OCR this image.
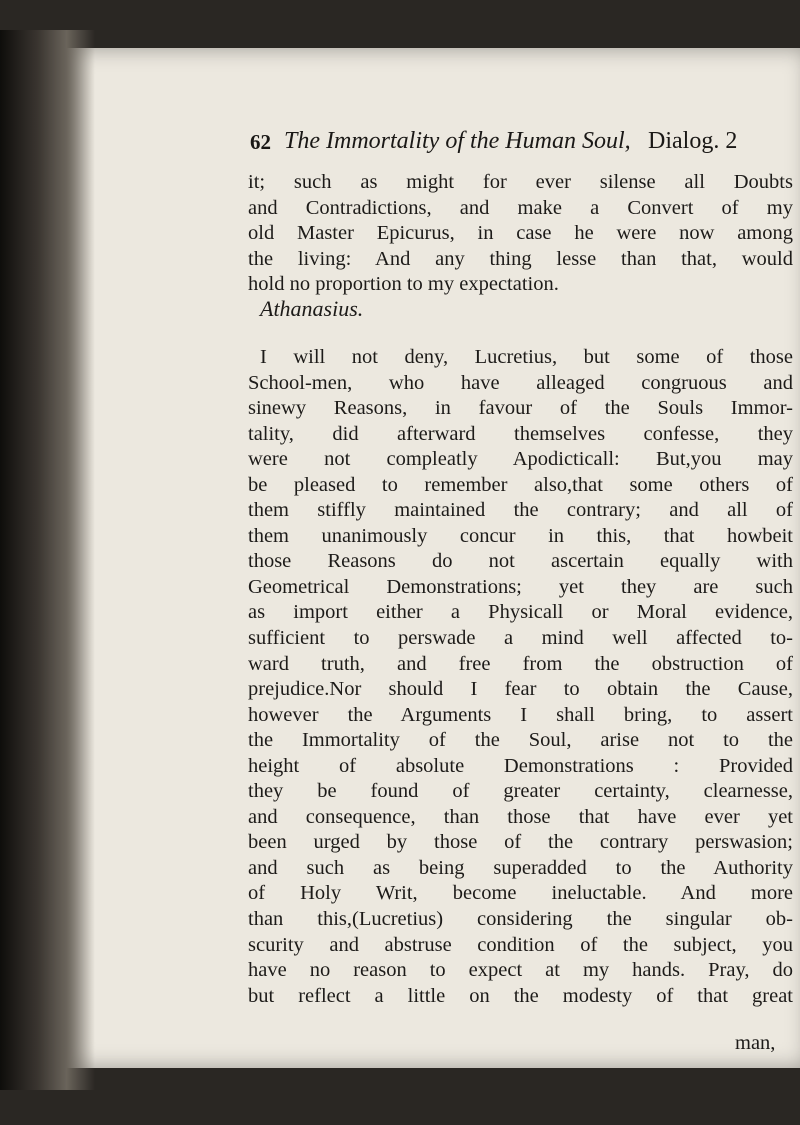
62 The Immortality of the Human Soul, Dialog. 2
it; such as might for ever silense all Doubts
and Contradictions, and make a Convert of my
old Master Epicurus, in case he were now among
the living: And any thing lesse than that, would
hold no proportion to my expectation.
Athanasius.
I will not deny, Lucretius, but some of those
School-men, who have alleaged congruous and
sinewy Reasons, in favour of the Souls Immor-
tality, did afterward themselves confesse, they
were not compleatly Apodicticall: But,you may
be pleased to remember also,that some others of
them stiffly maintained the contrary; and all of
them unanimously concur in this, that howbeit
those Reasons do not ascertain equally with
Geometrical Demonstrations; yet they are such
as import either a Physicall or Moral evidence,
sufficient to perswade a mind well affected to-
ward truth, and free from the obstruction of
prejudice.Nor should I fear to obtain the Cause,
however the Arguments I shall bring, to assert
the Immortality of the Soul, arise not to the
height of absolute Demonstrations : Provided
they be found of greater certainty, clearnesse,
and consequence, than those that have ever yet
been urged by those of the contrary perswasion;
and such as being superadded to the Authority
of Holy Writ, become ineluctable. And more
than this,(Lucretius) considering the singular ob-
scurity and abstruse condition of the subject, you
have no reason to expect at my hands. Pray, do
but reflect a little on the modesty of that great
man,
